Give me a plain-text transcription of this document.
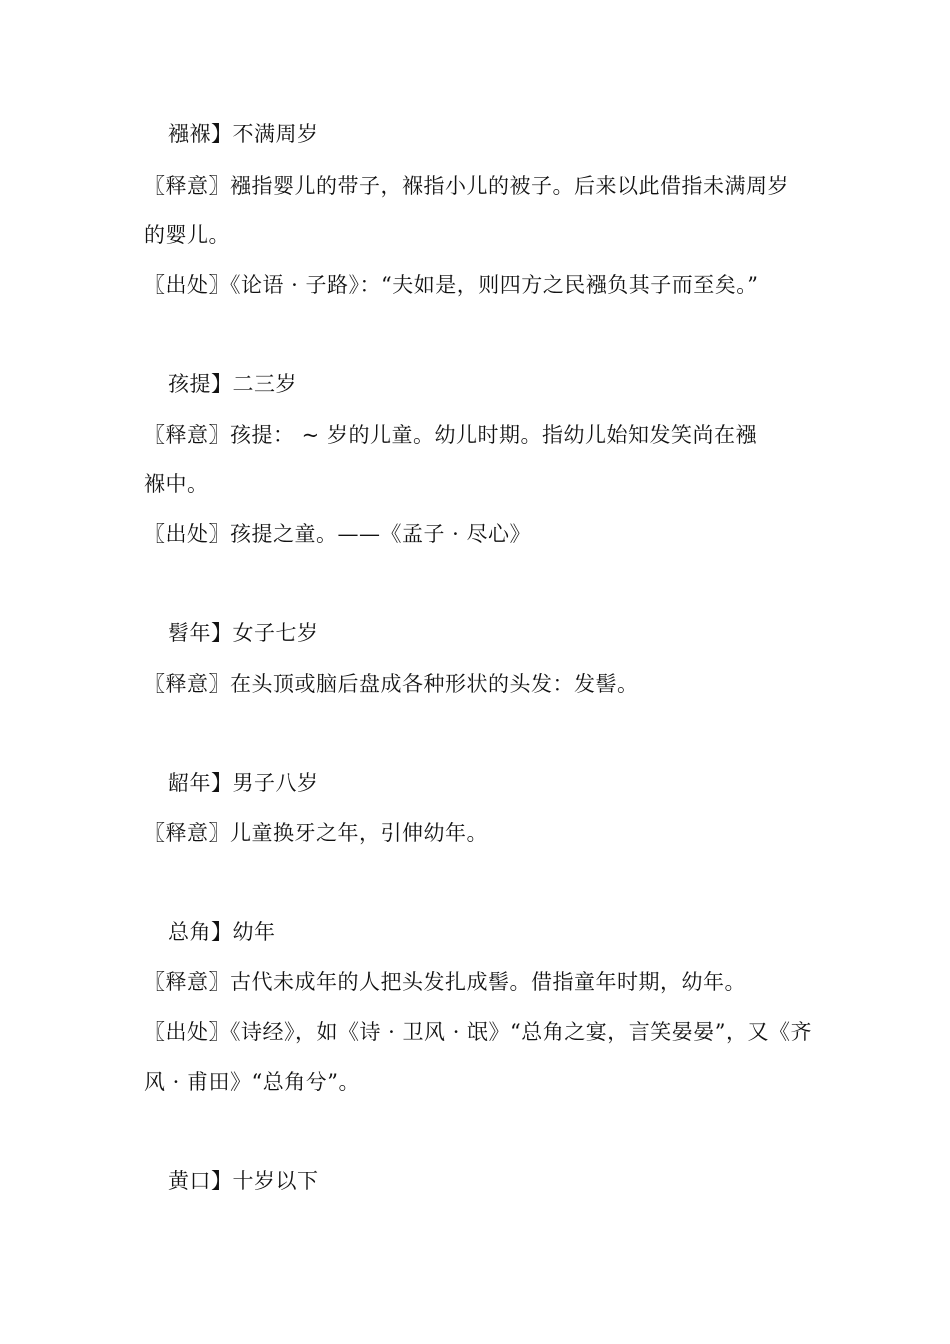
襁褓】不满周岁
〖释意〗襁指婴儿的带子，褓指小儿的被子。后来以此借指未满周岁
的婴儿。
〖出处〗《论语 · 子路》：“夫如是，则四方之民襁负其子而至矣。”
孩提】二三岁
〖释意〗孩提： ~ 岁的儿童。幼儿时期。指幼儿始知发笑尚在襁
褓中。
〖出处〗孩提之童。——《孟子 · 尽心》
髫年】女子七岁
〖释意〗在头顶或脑后盘成各种形状的头发：发髻。
龆年】男子八岁
〖释意〗儿童换牙之年，引伸幼年。
总角】幼年
〖释意〗古代未成年的人把头发扎成髻。借指童年时期，幼年。
〖出处〗《诗经》，如《诗 · 卫风 · 氓》“总角之宴，言笑晏晏”，又《齐
风 · 甫田》“总角兮”。
黄口】十岁以下
